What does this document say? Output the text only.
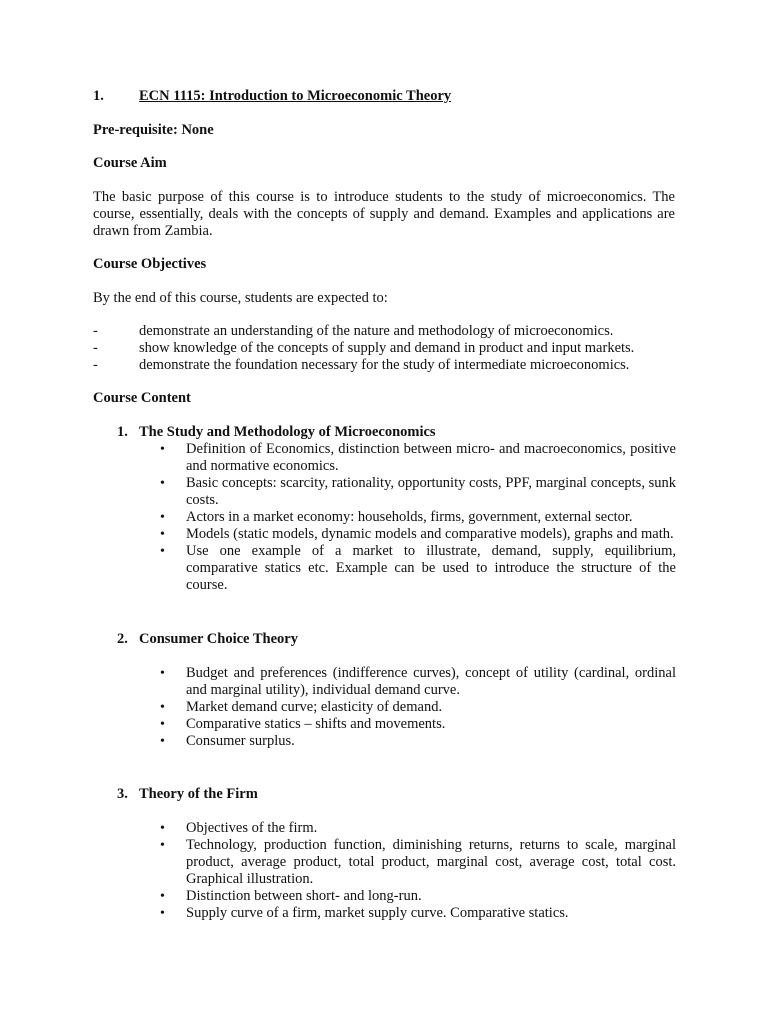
1. ECN 1115: Introduction to Microeconomic Theory
Pre-requisite: None
Course Aim
The basic purpose of this course is to introduce students to the study of microeconomics. The course, essentially, deals with the concepts of supply and demand. Examples and applications are drawn from Zambia.
Course Objectives
By the end of this course, students are expected to:
-	demonstrate an understanding of the nature and methodology of microeconomics.
-	show knowledge of the concepts of supply and demand in product and input markets.
-	demonstrate the foundation necessary for the study of intermediate microeconomics.
Course Content
1. The Study and Methodology of Microeconomics
• Definition of Economics, distinction between micro- and macroeconomics, positive and normative economics.
• Basic concepts: scarcity, rationality, opportunity costs, PPF, marginal concepts, sunk costs.
• Actors in a market economy: households, firms, government, external sector.
• Models (static models, dynamic models and comparative models), graphs and math.
• Use one example of a market to illustrate, demand, supply, equilibrium, comparative statics etc. Example can be used to introduce the structure of the course.
2. Consumer Choice Theory
• Budget and preferences (indifference curves), concept of utility (cardinal, ordinal and marginal utility), individual demand curve.
• Market demand curve; elasticity of demand.
• Comparative statics – shifts and movements.
• Consumer surplus.
3. Theory of the Firm
• Objectives of the firm.
• Technology, production function, diminishing returns, returns to scale, marginal product, average product, total product, marginal cost, average cost, total cost. Graphical illustration.
• Distinction between short- and long-run.
• Supply curve of a firm, market supply curve. Comparative statics.
